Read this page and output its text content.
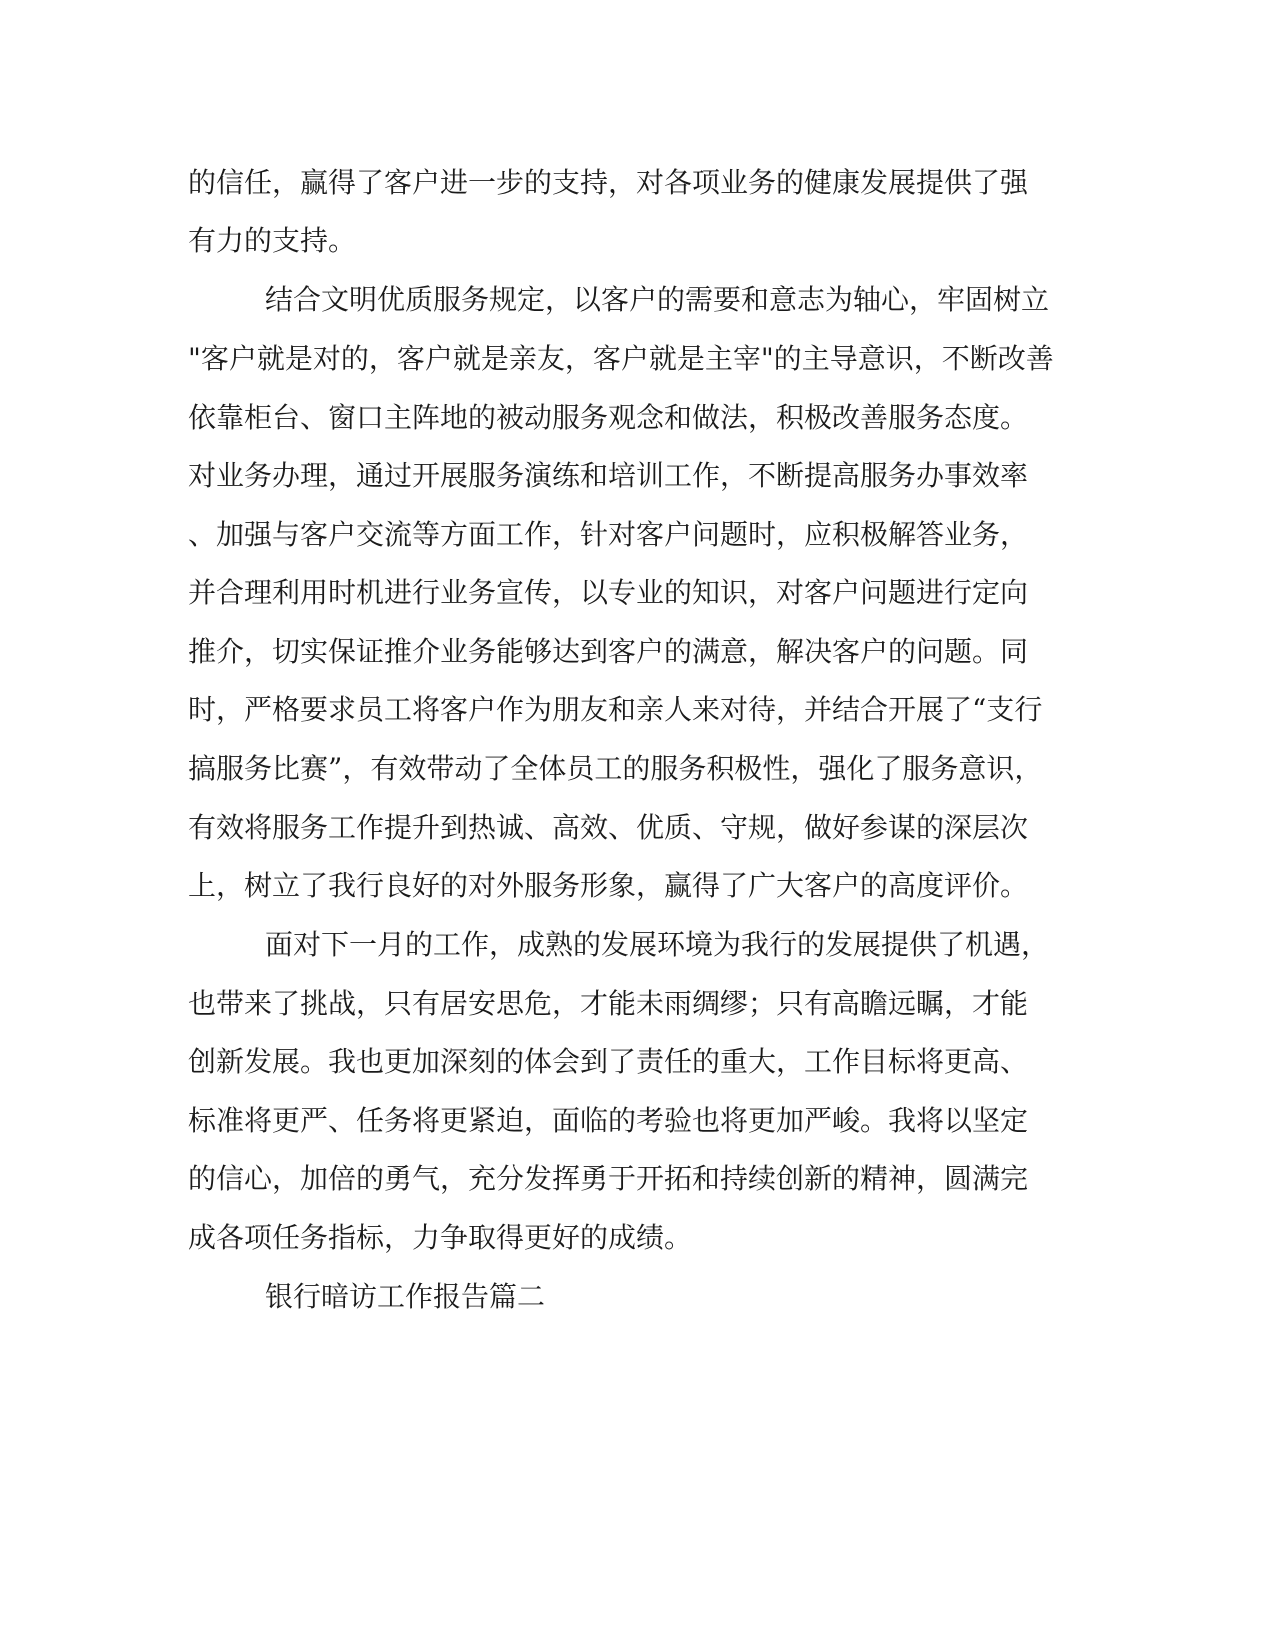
的信任，赢得了客户进一步的支持，对各项业务的健康发展提供了强

有力的支持。

结合文明优质服务规定，以客户的需要和意志为轴心，牢固树立

"客户就是对的，客户就是亲友，客户就是主宰"的主导意识，不断改善

依靠柜台、窗口主阵地的被动服务观念和做法，积极改善服务态度。

对业务办理，通过开展服务演练和培训工作，不断提高服务办事效率

、加强与客户交流等方面工作，针对客户问题时，应积极解答业务，

并合理利用时机进行业务宣传，以专业的知识，对客户问题进行定向

推介，切实保证推介业务能够达到客户的满意，解决客户的问题。同

时，严格要求员工将客户作为朋友和亲人来对待，并结合开展了“支行

搞服务比赛”，有效带动了全体员工的服务积极性，强化了服务意识，

有效将服务工作提升到热诚、高效、优质、守规，做好参谋的深层次

上，树立了我行良好的对外服务形象，赢得了广大客户的高度评价。

面对下一月的工作，成熟的发展环境为我行的发展提供了机遇，

也带来了挑战，只有居安思危，才能未雨绸缪；只有高瞻远瞩，才能

创新发展。我也更加深刻的体会到了责任的重大，工作目标将更高、

标准将更严、任务将更紧迫，面临的考验也将更加严峻。我将以坚定

的信心，加倍的勇气，充分发挥勇于开拓和持续创新的精神，圆满完

成各项任务指标，力争取得更好的成绩。

银行暗访工作报告篇二
